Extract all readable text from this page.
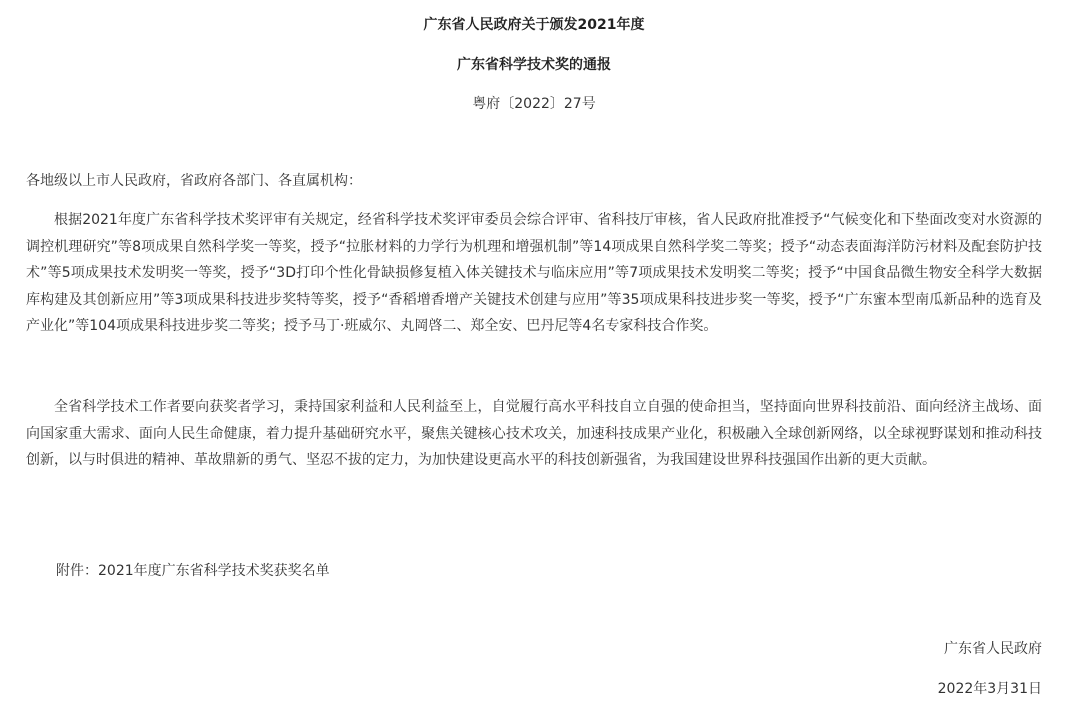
广东省人民政府关于颁发2021年度
广东省科学技术奖的通报
粤府〔2022〕27号

各地级以上市人民政府，省政府各部门、各直属机构：

根据2021年度广东省科学技术奖评审有关规定，经省科学技术奖评审委员会综合评审、省科技厅审核，省人民政府批准授予“气候变化和下垫面改变对水资源的调控机理研究”等8项成果自然科学奖一等奖，授予“拉胀材料的力学行为机理和增强机制”等14项成果自然科学奖二等奖；授予“动态表面海洋防污材料及配套防护技术”等5项成果技术发明奖一等奖，授予“3D打印个性化骨缺损修复植入体关键技术与临床应用”等7项成果技术发明奖二等奖；授予“中国食品微生物安全科学大数据库构建及其创新应用”等3项成果科技进步奖特等奖，授予“香稻增香增产关键技术创建与应用”等35项成果科技进步奖一等奖，授予“广东蜜本型南瓜新品种的选育及产业化”等104项成果科技进步奖二等奖；授予马丁·班威尔、丸岡啓二、郑全安、巴丹尼等4名专家科技合作奖。

全省科学技术工作者要向获奖者学习，秉持国家利益和人民利益至上，自觉履行高水平科技自立自强的使命担当，坚持面向世界科技前沿、面向经济主战场、面向国家重大需求、面向人民生命健康，着力提升基础研究水平，聚焦关键核心技术攻关，加速科技成果产业化，积极融入全球创新网络，以全球视野谋划和推动科技创新，以与时俱进的精神、革故鼎新的勇气、坚忍不拔的定力，为加快建设更高水平的科技创新强省，为我国建设世界科技强国作出新的更大贡献。

附件：2021年度广东省科学技术奖获奖名单

广东省人民政府
2022年3月31日
